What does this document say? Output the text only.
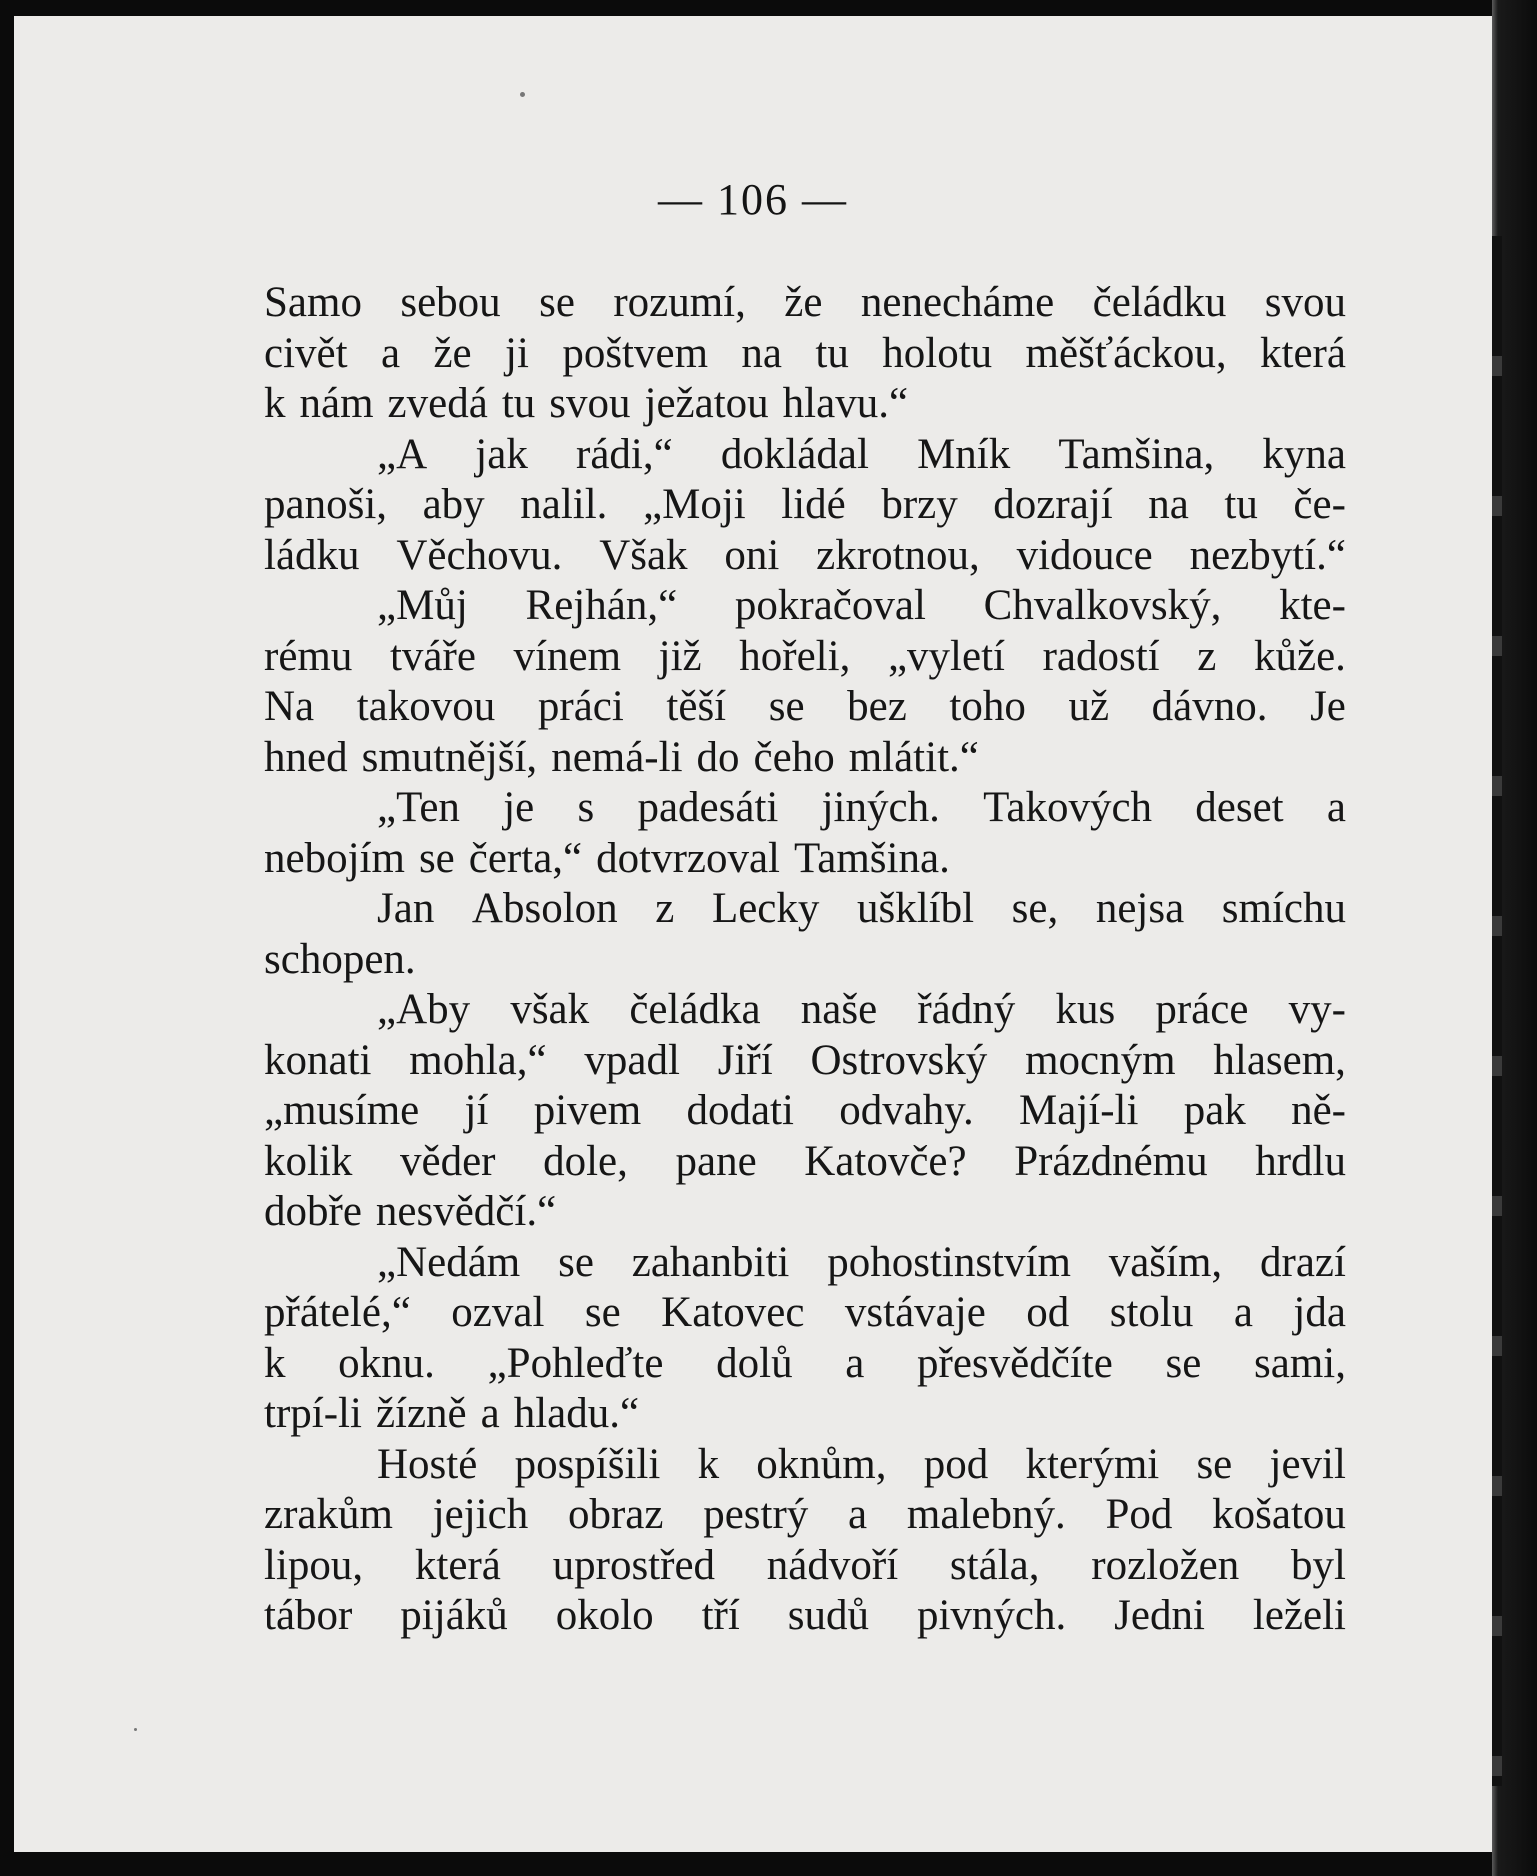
— 106 —
Samo sebou se rozumí, že nenecháme čeládku svou
civět a že ji poštvem na tu holotu měšťáckou, která
k nám zvedá tu svou ježatou hlavu.“
„A jak rádi,“ dokládal Mník Tamšina, kyna
panoši, aby nalil. „Moji lidé brzy dozrají na tu če-
ládku Věchovu. Však oni zkrotnou, vidouce nezbytí.“
„Můj Rejhán,“ pokračoval Chvalkovský, kte-
rému tváře vínem již hořeli, „vyletí radostí z kůže.
Na takovou práci těší se bez toho už dávno. Je
hned smutnější, nemá-li do čeho mlátit.“
„Ten je s padesáti jiných. Takových deset a
nebojím se čerta,“ dotvrzoval Tamšina.
Jan Absolon z Lecky ušklíbl se, nejsa smíchu
schopen.
„Aby však čeládka naše řádný kus práce vy-
konati mohla,“ vpadl Jiří Ostrovský mocným hlasem,
„musíme jí pivem dodati odvahy. Mají-li pak ně-
kolik věder dole, pane Katovče? Prázdnému hrdlu
dobře nesvědčí.“
„Nedám se zahanbiti pohostinstvím vaším, drazí
přátelé,“ ozval se Katovec vstávaje od stolu a jda
k oknu. „Pohleďte dolů a přesvědčíte se sami,
trpí-li žízně a hladu.“
Hosté pospíšili k oknům, pod kterými se jevil
zrakům jejich obraz pestrý a malebný. Pod košatou
lipou, která uprostřed nádvoří stála, rozložen byl
tábor pijáků okolo tří sudů pivných. Jedni leželi
